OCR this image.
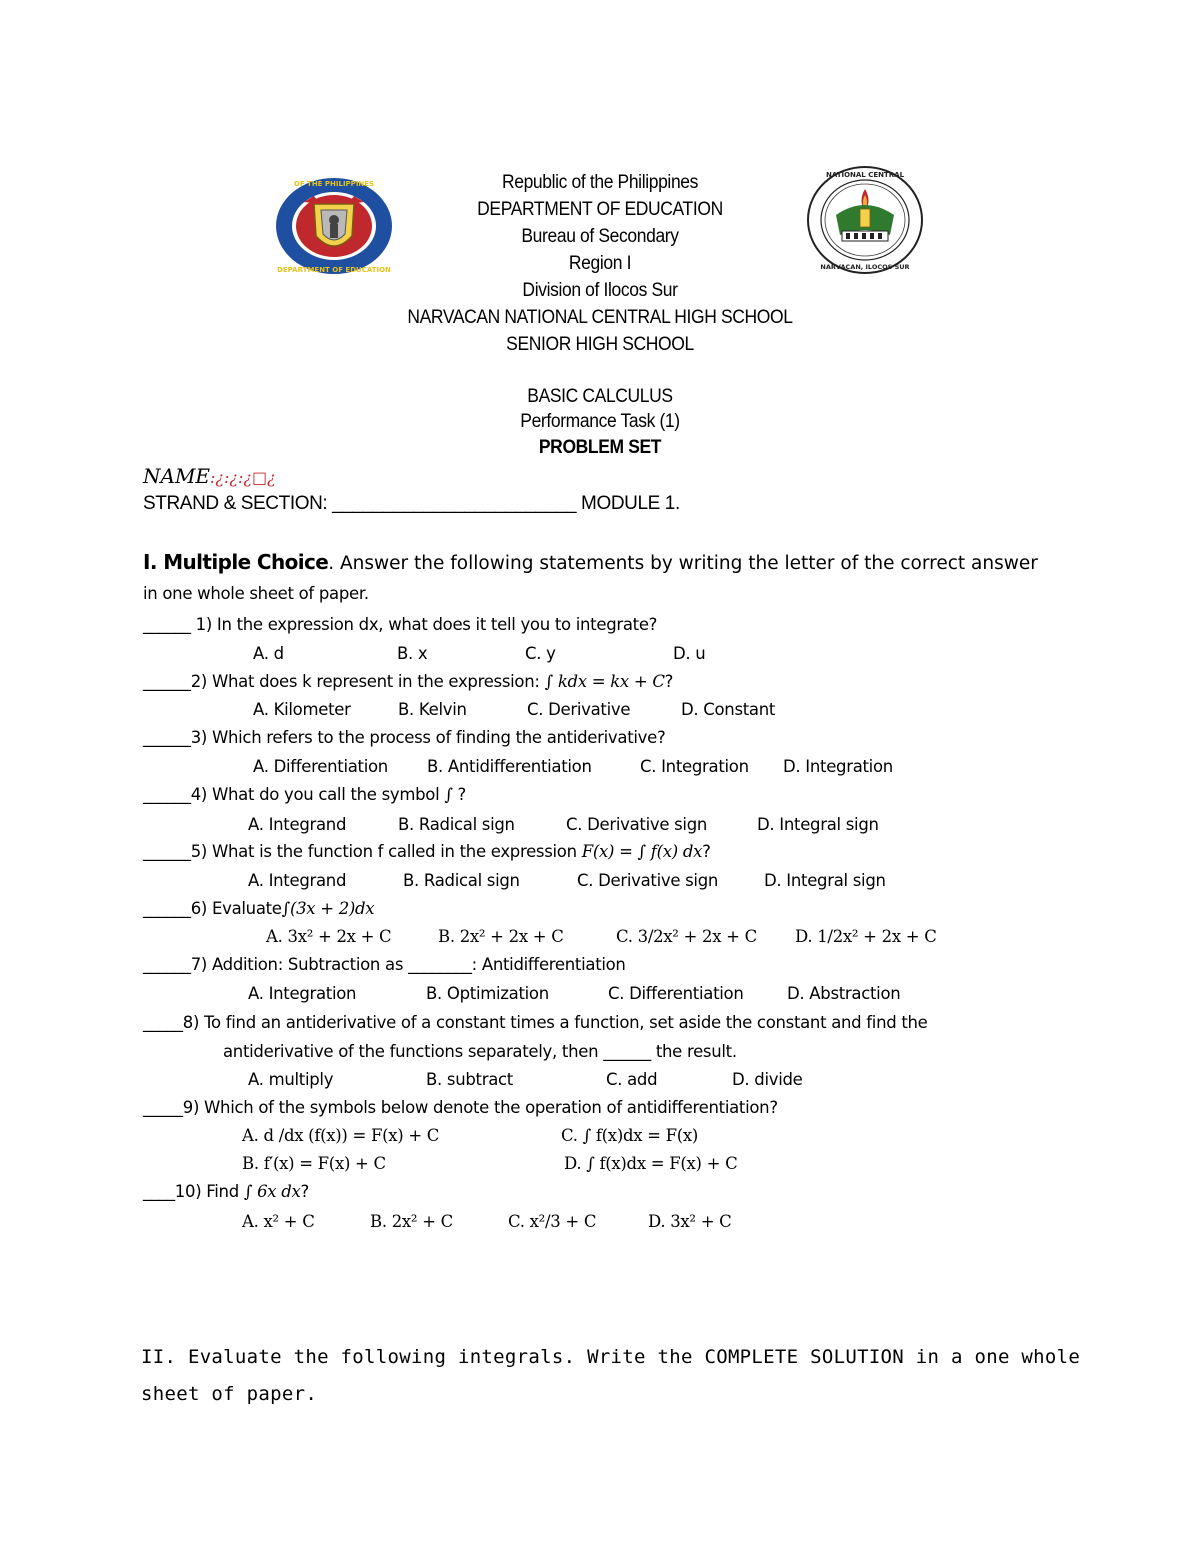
OF THE PHILIPPINES
DEPARTMENT OF EDUCATION
NATIONAL CENTRAL
NARVACAN, ILOCOS SUR
Republic of the Philippines
DEPARTMENT OF EDUCATION
Bureau of Secondary
Region I
Division of Ilocos Sur
NARVACAN NATIONAL CENTRAL HIGH SCHOOL
SENIOR HIGH SCHOOL
BASIC CALCULUS
Performance Task (1)
PROBLEM SET
NAME:¿:¿:¿□¿
STRAND & SECTION: ________________________ MODULE 1.
I. Multiple Choice. Answer the following statements by writing the letter of the correct answer
in one whole sheet of paper.
______ 1) In the expression dx, what does it tell you to integrate?
A. d	B. x	C. y	D. u
______2) What does k represent in the expression: ∫ kdx = kx + C?
A. Kilometer	B. Kelvin	C. Derivative	D. Constant
______3) Which refers to the process of finding the antiderivative?
A. Differentiation B. Antidifferentiation	C. Integration D. Integration
______4) What do you call the symbol ∫ ?
A. Integrand	B. Radical sign	C. Derivative sign	D. Integral sign
______5) What is the function f called in the expression F(x) = ∫ f(x) dx?
A. Integrand	B. Radical sign	C. Derivative sign	D. Integral sign
______6) Evaluate∫(3x + 2)dx
A. 3x² + 2x + C	B. 2x² + 2x + C	C. 3/2x² + 2x + C D. 1/2x² + 2x + C
______7) Addition: Subtraction as ________: Antidifferentiation
A. Integration	B. Optimization	C. Differentiation	D. Abstraction
_____8) To find an antiderivative of a constant times a function, set aside the constant and find the
antiderivative of the functions separately, then ______ the result.
A. multiply	B. subtract	C. add	D. divide
_____9) Which of the symbols below denote the operation of antidifferentiation?
A. d /dx (f(x)) = F(x) + C	C. ∫ f(x)dx = F(x)
B. f′(x) = F(x) + C	D. ∫ f(x)dx = F(x) + C
____10) Find ∫ 6x dx?
A. x² + C	B. 2x² + C	C. x²/3 + C	D. 3x² + C
II. Evaluate the following integrals. Write the COMPLETE SOLUTION in a one whole
sheet of paper.
